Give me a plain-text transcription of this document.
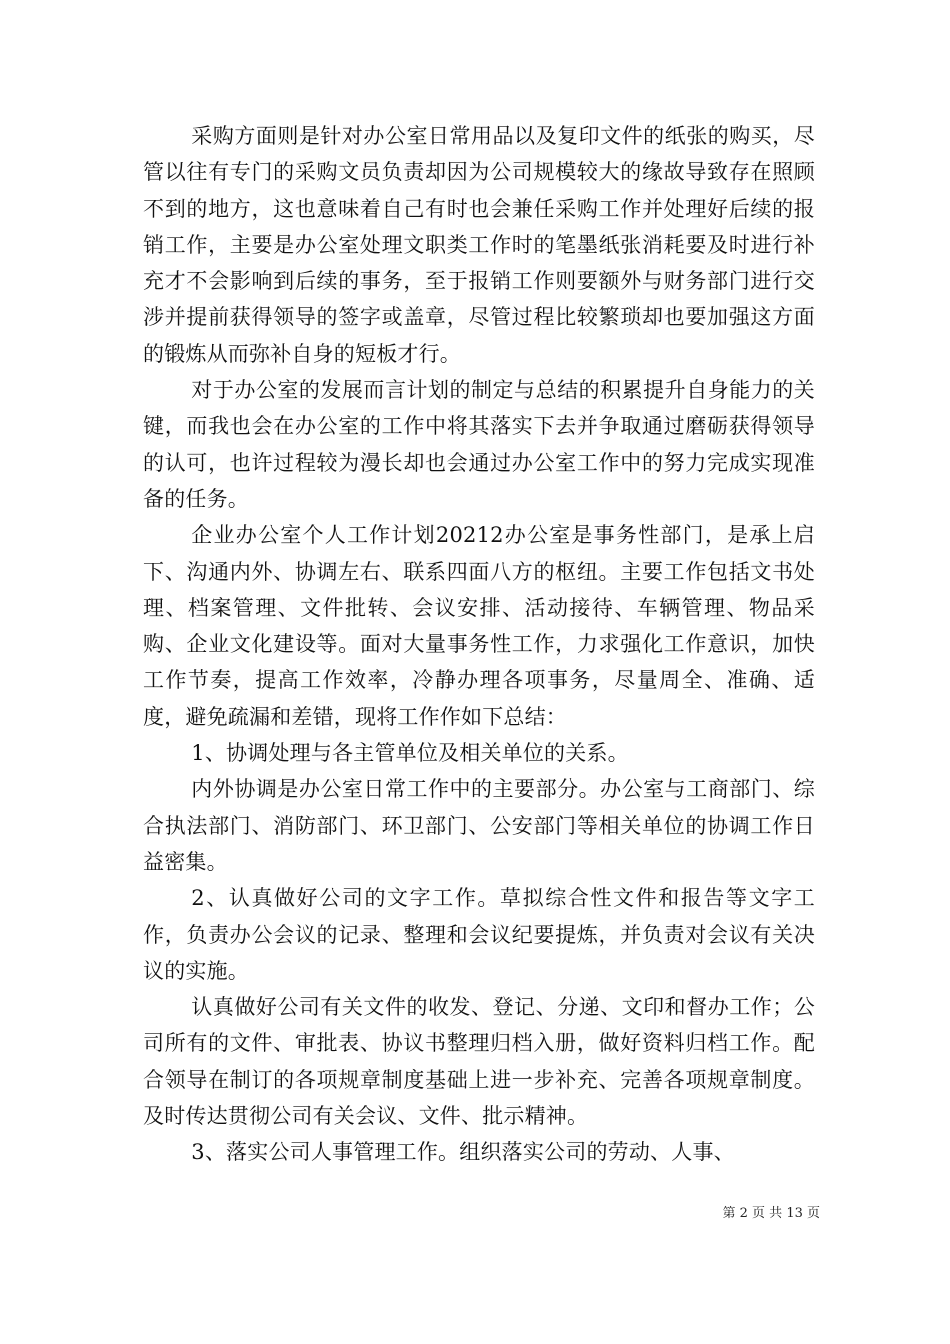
采购方面则是针对办公室日常用品以及复印文件的纸张的购买，尽管以往有专门的采购文员负责却因为公司规模较大的缘故导致存在照顾不到的地方，这也意味着自己有时也会兼任采购工作并处理好后续的报销工作，主要是办公室处理文职类工作时的笔墨纸张消耗要及时进行补充才不会影响到后续的事务，至于报销工作则要额外与财务部门进行交涉并提前获得领导的签字或盖章，尽管过程比较繁琐却也要加强这方面的锻炼从而弥补自身的短板才行。

对于办公室的发展而言计划的制定与总结的积累提升自身能力的关键，而我也会在办公室的工作中将其落实下去并争取通过磨砺获得领导的认可，也许过程较为漫长却也会通过办公室工作中的努力完成实现准备的任务。

企业办公室个人工作计划20212办公室是事务性部门，是承上启下、沟通内外、协调左右、联系四面八方的枢纽。主要工作包括文书处理、档案管理、文件批转、会议安排、活动接待、车辆管理、物品采购、企业文化建设等。面对大量事务性工作，力求强化工作意识，加快工作节奏，提高工作效率，冷静办理各项事务，尽量周全、准确、适度，避免疏漏和差错，现将工作作如下总结：

1、协调处理与各主管单位及相关单位的关系。

内外协调是办公室日常工作中的主要部分。办公室与工商部门、综合执法部门、消防部门、环卫部门、公安部门等相关单位的协调工作日益密集。

2、认真做好公司的文字工作。草拟综合性文件和报告等文字工作，负责办公会议的记录、整理和会议纪要提炼，并负责对会议有关决议的实施。

认真做好公司有关文件的收发、登记、分递、文印和督办工作；公司所有的文件、审批表、协议书整理归档入册，做好资料归档工作。配合领导在制订的各项规章制度基础上进一步补充、完善各项规章制度。及时传达贯彻公司有关会议、文件、批示精神。

3、落实公司人事管理工作。组织落实公司的劳动、人事、

第 2 页 共 13 页
